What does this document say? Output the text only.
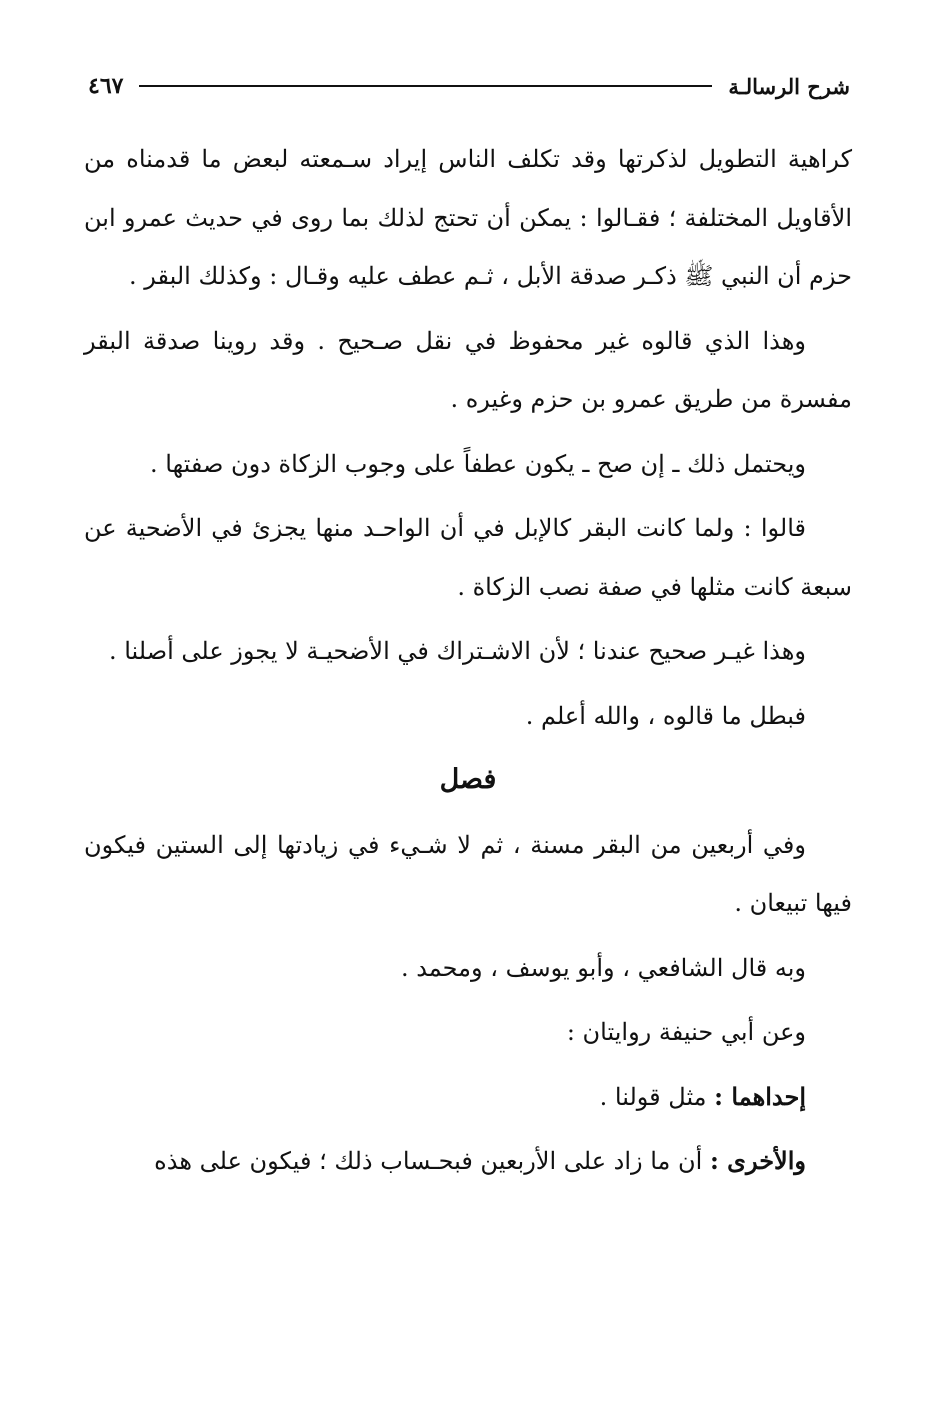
شرح الرسالـة
٤٦٧

كراهية التطويل لذكرتها وقد تكلف الناس إيراد سـمعته لبعض ما قدمناه من الأقاويل المختلفة ؛ فقـالوا : يمكن أن تحتج لذلك بما روى في حديث عمرو ابن حزم أن النبي ﷺ ذكـر صدقة الأبل ، ثـم عطف عليه وقـال : وكذلك البقر .

وهذا الذي قالوه غير محفوظ في نقل صـحيح . وقد روينا صدقة البقر مفسرة من طريق عمرو بن حزم وغيره .

ويحتمل ذلك ـ إن صح ـ يكون عطفاً على وجوب الزكاة دون صفتها .

قالوا : ولما كانت البقر كالإبل في أن الواحـد منها يجزئ في الأضحية عن سبعة كانت مثلها في صفة نصب الزكاة .

وهذا غيـر صحيح عندنا ؛ لأن الاشـتراك في الأضحيـة لا يجوز على أصلنا .

فبطل ما قالوه ، والله أعلم .

فصل

وفي أربعين من البقر مسنة ، ثم لا شـيء في زيادتها إلى الستين فيكون فيها تبيعان .

وبه قال الشافعي ، وأبو يوسف ، ومحمد .

وعن أبي حنيفة روايتان :

إحداهما : مثل قولنا .

والأخرى : أن ما زاد على الأربعين فبحـساب ذلك ؛ فيكون على هذه
